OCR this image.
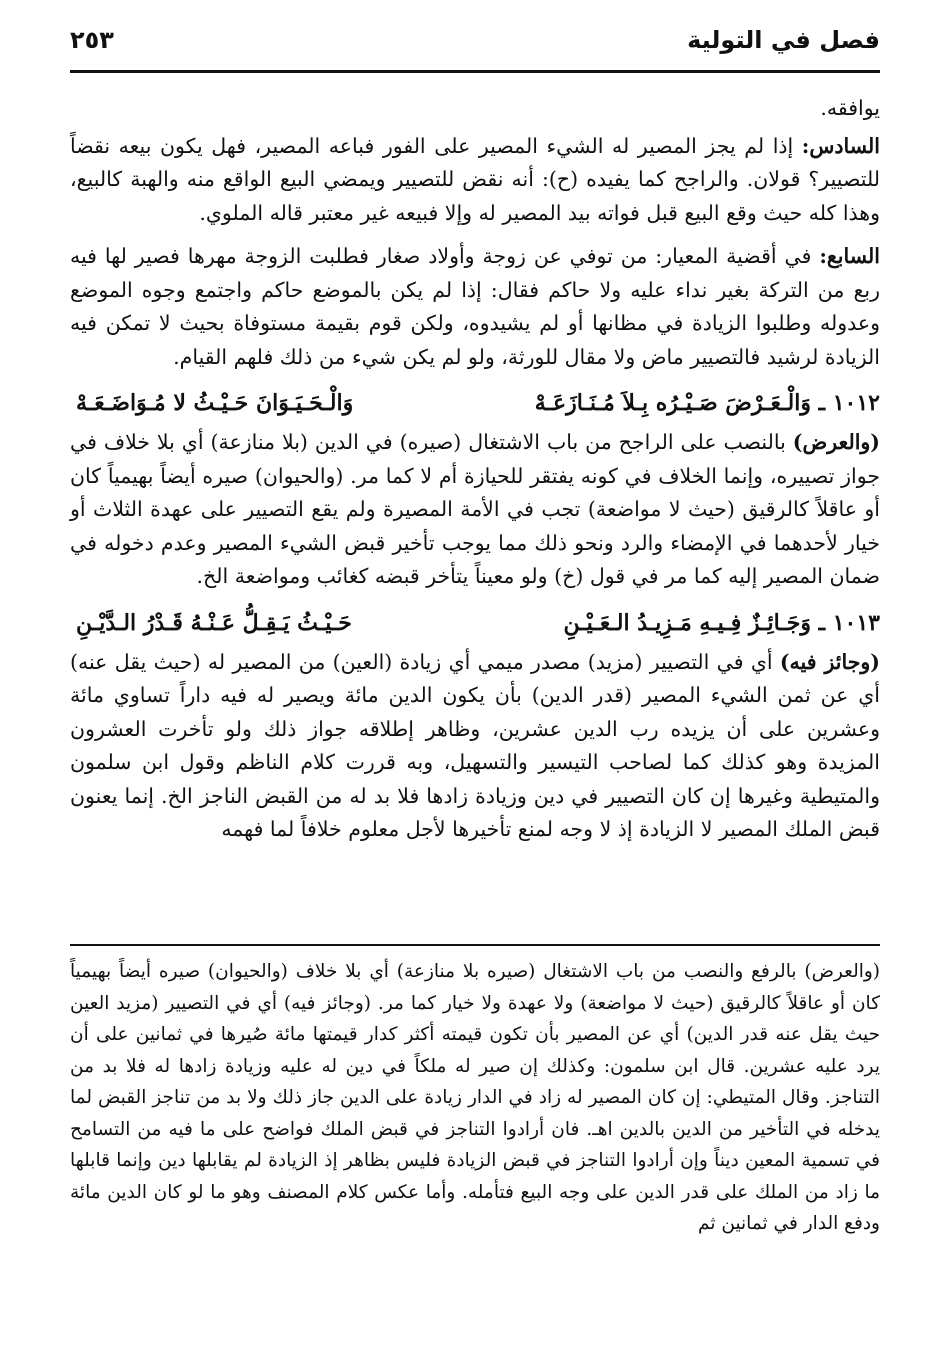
فصل في التولية
٢٥٣

يوافقه.

السادس: إذا لم يجز المصير له الشيء المصير على الفور فباعه المصير، فهل يكون بيعه نقضاً للتصيير؟ قولان. والراجح كما يفيده (ح): أنه نقض للتصيير ويمضي البيع الواقع منه والهبة كالبيع، وهذا كله حيث وقع البيع قبل فواته بيد المصير له وإلا فبيعه غير معتبر قاله الملوي.

السابع: في أقضية المعيار: من توفي عن زوجة وأولاد صغار فطلبت الزوجة مهرها فصير لها فيه ربع من التركة بغير نداء عليه ولا حاكم فقال: إذا لم يكن بالموضع حاكم واجتمع وجوه الموضع وعدوله وطلبوا الزيادة في مظانها أو لم يشيدوه، ولكن قوم بقيمة مستوفاة بحيث لا تمكن فيه الزيادة لرشيد فالتصيير ماض ولا مقال للورثة، ولو لم يكن شيء من ذلك فلهم القيام.

١٠١٢ ـ وَالْـعَـرْضَ صَـيْـرُه بِـلاَ مُـنَـازَعَـهْ
وَالْـحَـيَـوَانَ حَـيْـثُ لا مُـوَاضَـعَـهْ

(والعرض) بالنصب على الراجح من باب الاشتغال (صيره) في الدين (بلا منازعة) أي بلا خلاف في جواز تصييره، وإنما الخلاف في كونه يفتقر للحيازة أم لا كما مر. (والحيوان) صيره أيضاً بهيمياً كان أو عاقلاً كالرقيق (حيث لا مواضعة) تجب في الأمة المصيرة ولم يقع التصيير على عهدة الثلاث أو خيار لأحدهما في الإمضاء والرد ونحو ذلك مما يوجب تأخير قبض الشيء المصير وعدم دخوله في ضمان المصير إليه كما مر في قول (خ) ولو معيناً يتأخر قبضه كغائب ومواضعة الخ.

١٠١٣ ـ وَجَـائِـزٌ فِـيـهِ مَـزِيـدُ الـعَـيْـنِ
حَـيْـثُ يَـقِـلُّ عَـنْـهُ قَـدْرُ الـدَّيْـنِ

(وجائز فيه) أي في التصيير (مزيد) مصدر ميمي أي زيادة (العين) من المصير له (حيث يقل عنه) أي عن ثمن الشيء المصير (قدر الدين) بأن يكون الدين مائة ويصير له فيه داراً تساوي مائة وعشرين على أن يزيده رب الدين عشرين، وظاهر إطلاقه جواز ذلك ولو تأخرت العشرون المزيدة وهو كذلك كما لصاحب التيسير والتسهيل، وبه قررت كلام الناظم وقول ابن سلمون والمتيطية وغيرها إن كان التصيير في دين وزيادة زادها فلا بد له من القبض الناجز الخ. إنما يعنون قبض الملك المصير لا الزيادة إذ لا وجه لمنع تأخيرها لأجل معلوم خلافاً لما فهمه

(والعرض) بالرفع والنصب من باب الاشتغال (صيره بلا منازعة) أي بلا خلاف (والحيوان) صيره أيضاً بهيمياً كان أو عاقلاً كالرقيق (حيث لا مواضعة) ولا عهدة ولا خيار كما مر. (وجائز فيه) أي في التصيير (مزيد العين حيث يقل عنه قدر الدين) أي عن المصير بأن تكون قيمته أكثر كدار قيمتها مائة صُيرها في ثمانين على أن يرد عليه عشرين. قال ابن سلمون: وكذلك إن صير له ملكاً في دين له عليه وزيادة زادها له فلا بد من التناجز. وقال المتيطي: إن كان المصير له زاد في الدار زيادة على الدين جاز ذلك ولا بد من تناجز القبض لما يدخله في التأخير من الدين بالدين اهـ. فان أرادوا التناجز في قبض الملك فواضح على ما فيه من التسامح في تسمية المعين ديناً وإن أرادوا التناجز في قبض الزيادة فليس بظاهر إذ الزيادة لم يقابلها دين وإنما قابلها ما زاد من الملك على قدر الدين على وجه البيع فتأمله. وأما عكس كلام المصنف وهو ما لو كان الدين مائة ودفع الدار في ثمانين ثم
